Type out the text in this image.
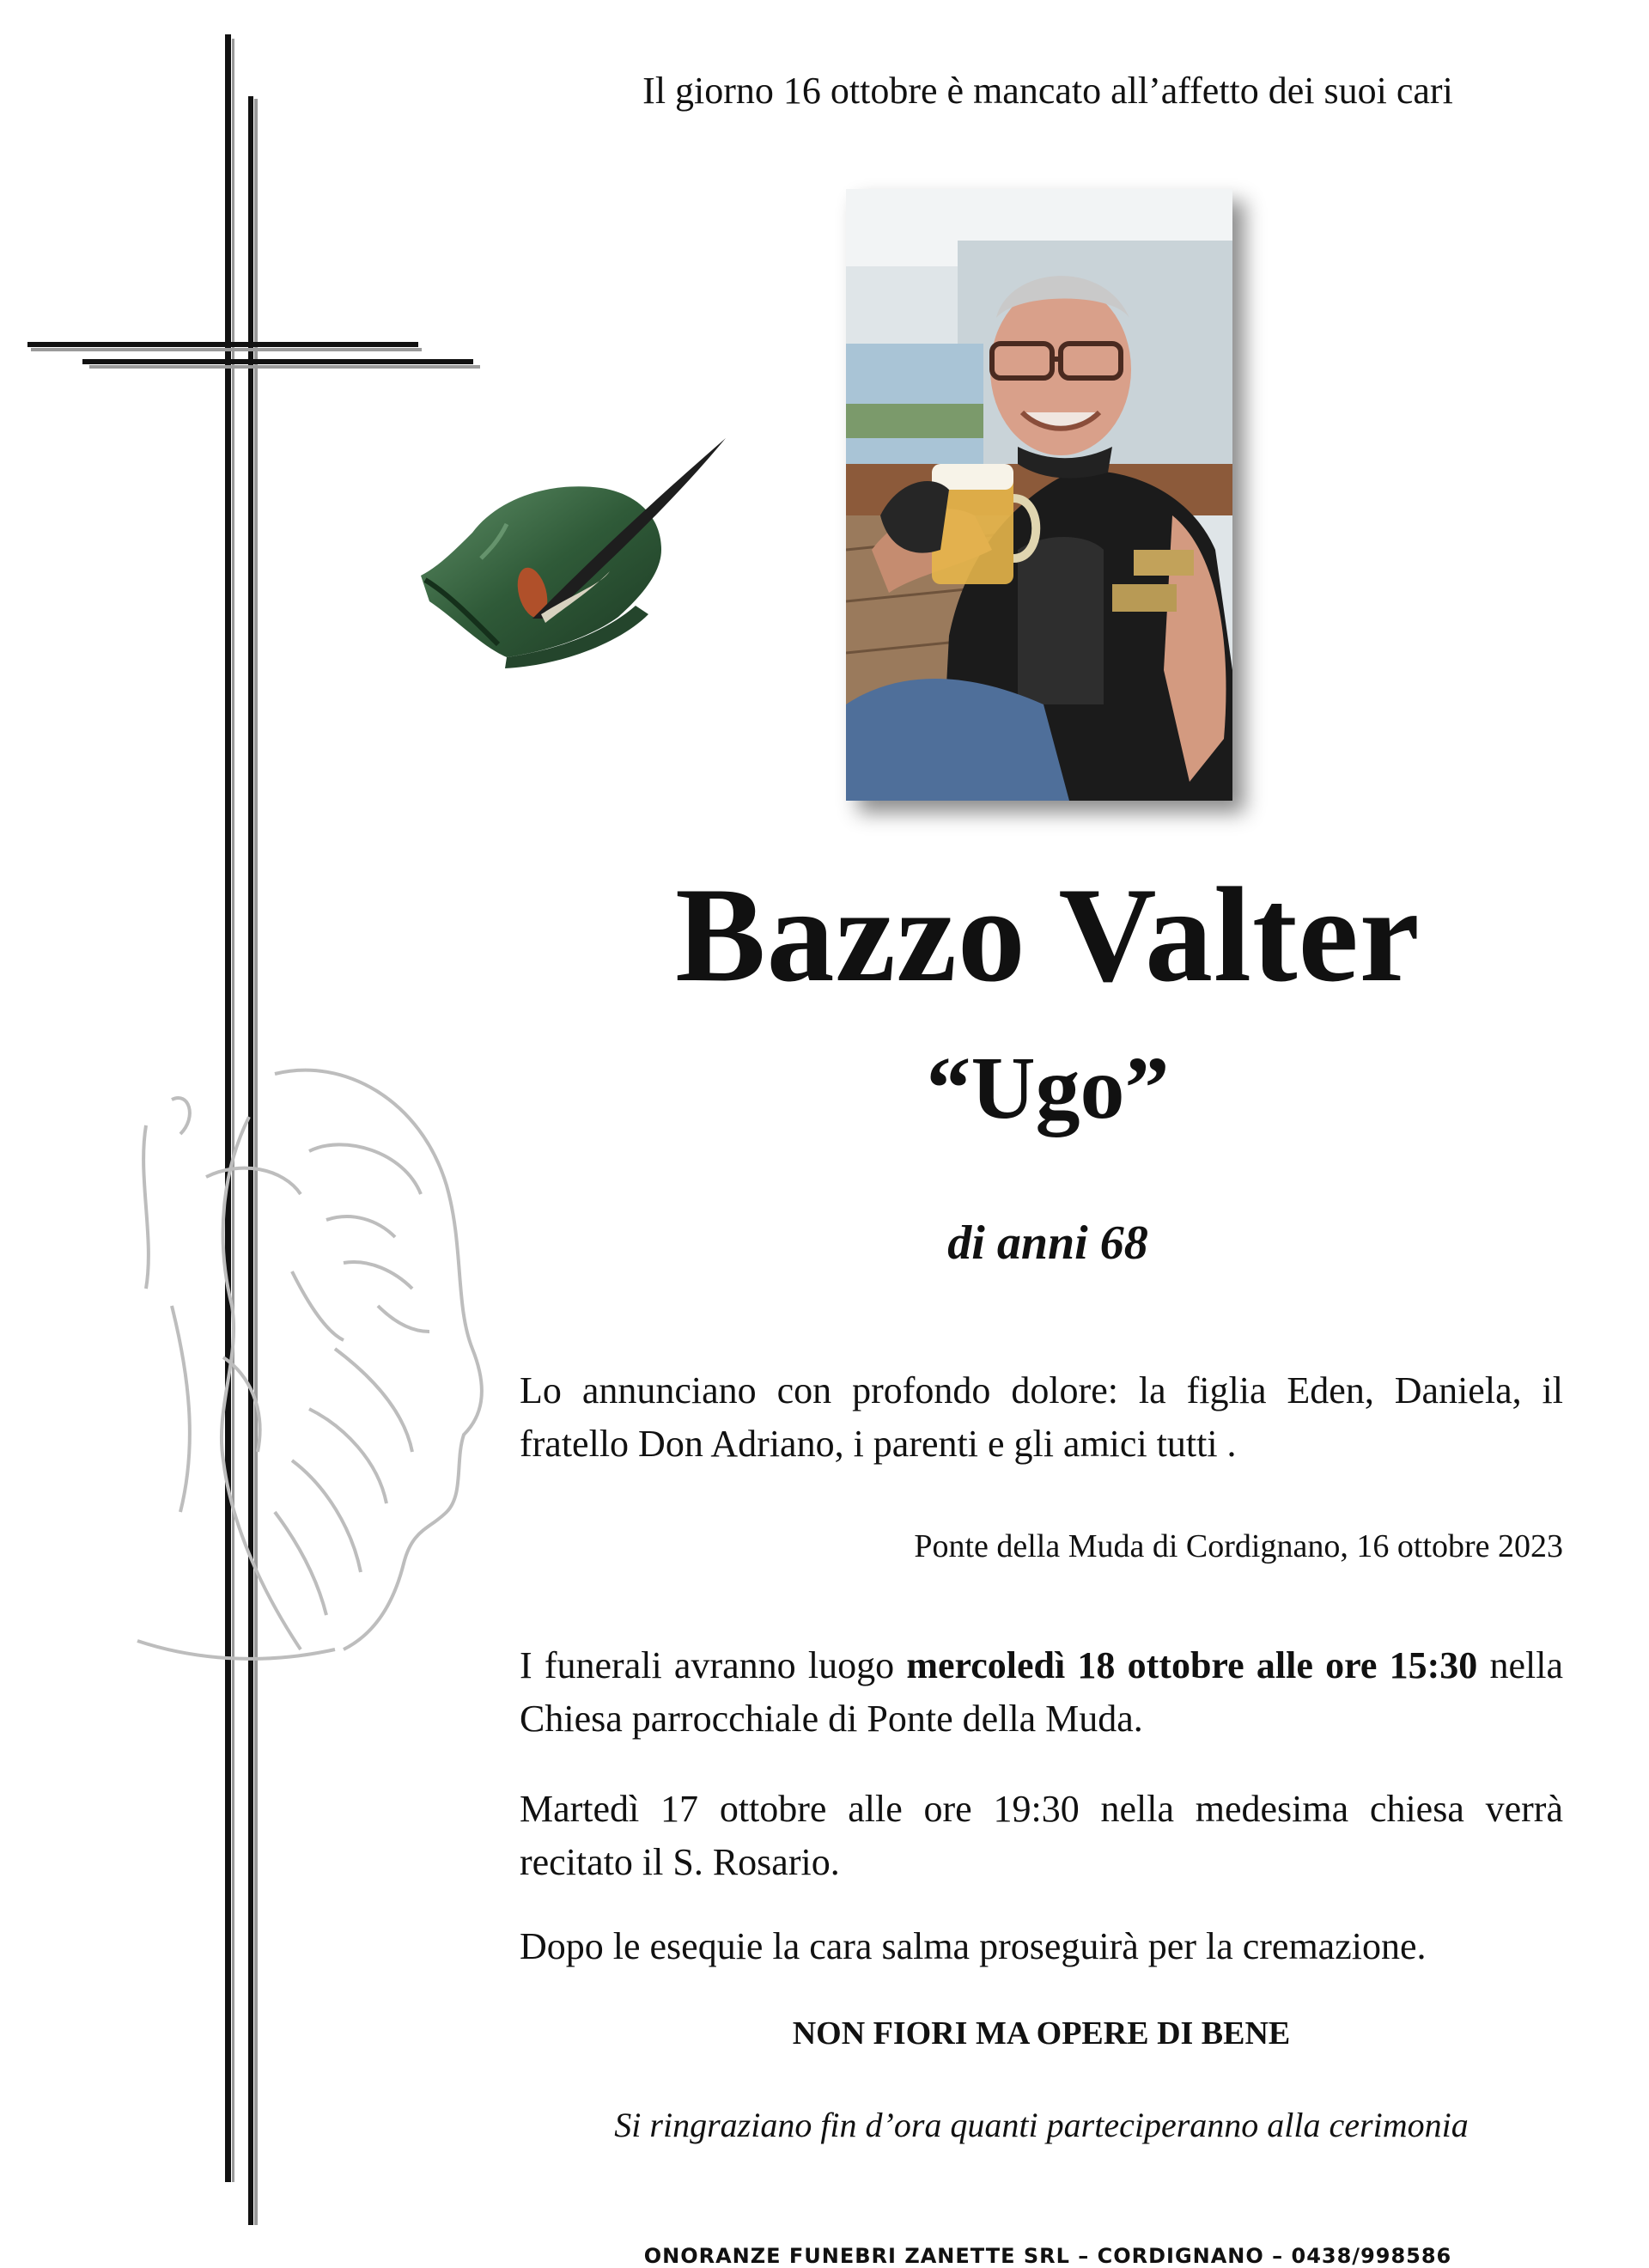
Il giorno 16 ottobre è mancato all’affetto dei suoi cari
Bazzo Valter
“Ugo”
di anni 68
Lo annunciano con profondo dolore: la figlia Eden, Daniela, il fratello Don Adriano, i parenti e gli amici tutti .
Ponte della Muda di Cordignano, 16 ottobre 2023
I funerali avranno luogo mercoledì 18 ottobre alle ore 15:30 nella Chiesa parrocchiale di Ponte della Muda.
Martedì 17 ottobre alle ore 19:30 nella medesima chiesa verrà recitato il S. Rosario.
Dopo le esequie la cara salma proseguirà per la cremazione.
NON FIORI MA OPERE DI BENE
Si ringraziano fin d’ora quanti parteciperanno alla cerimonia
ONORANZE FUNEBRI ZANETTE SRL – CORDIGNANO – 0438/998586
